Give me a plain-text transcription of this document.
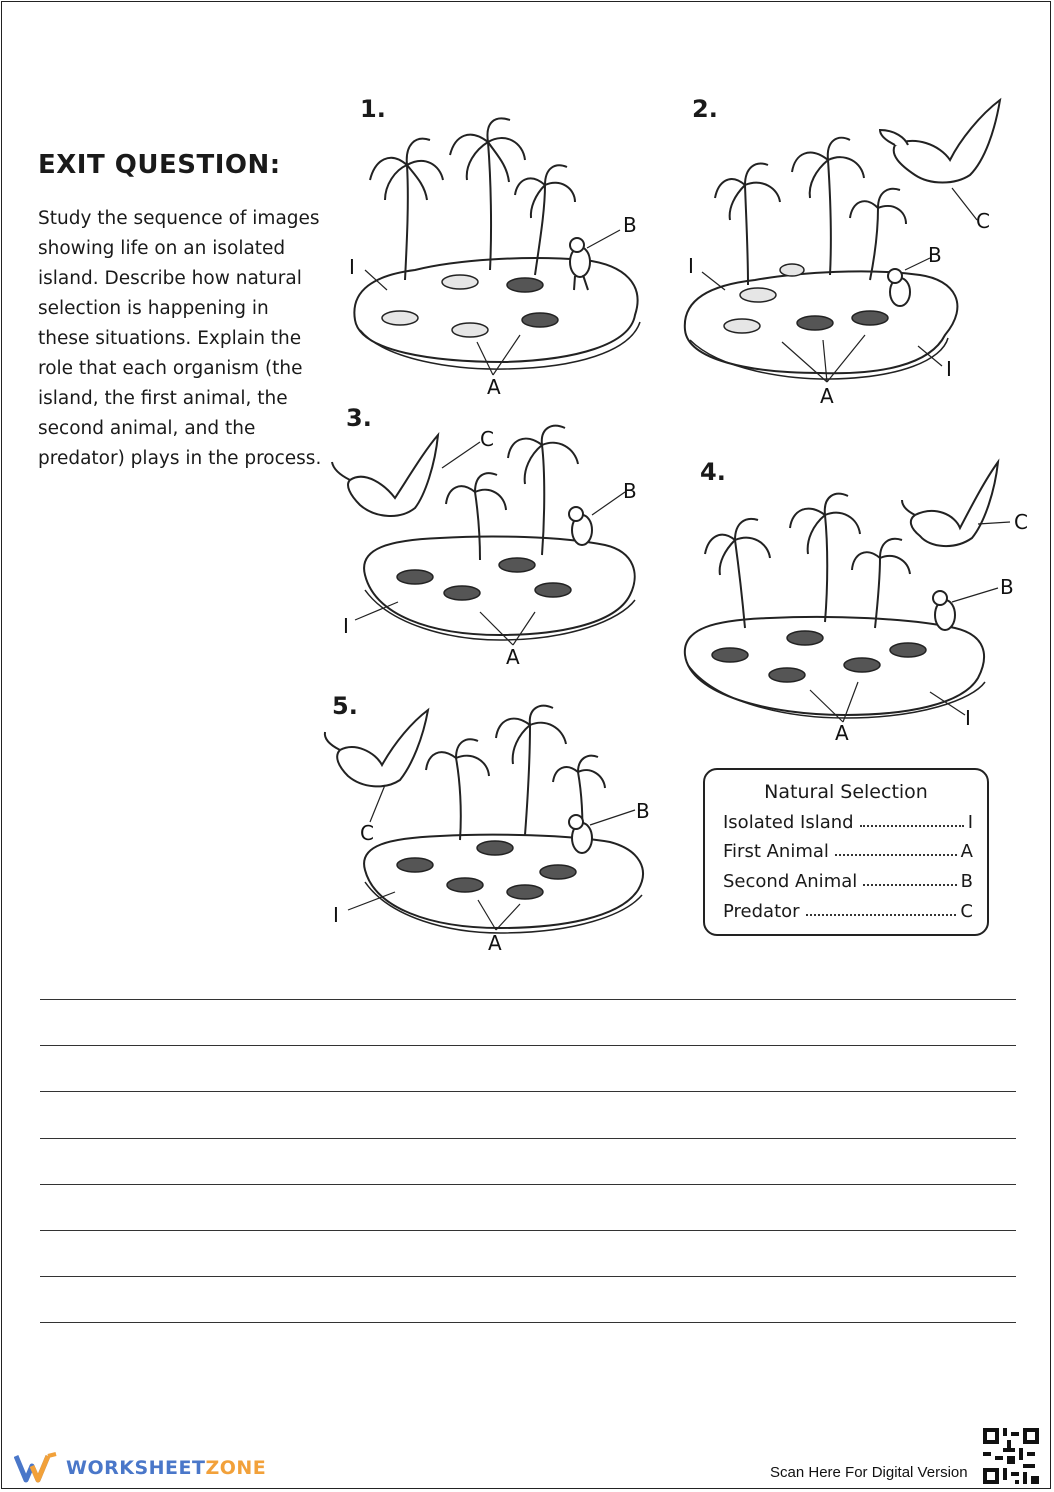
EXIT QUESTION:

Study the sequence of images showing life on an isolated island. Describe how natural selection is happening in these situations. Explain the role that each organism (the island, the first animal, the second animal, and the predator) plays in the process.

1.
I
B
A
2.
I	B
C
I
A
3.
I
B
C
A
4.
C
B
I
A
5.
I
B
C
A
Natural Selection
Isolated Island	I
First Animal	A
Second Animal	B
Predator	C
WORKSHEETZONE	Scan Here For Digital Version
